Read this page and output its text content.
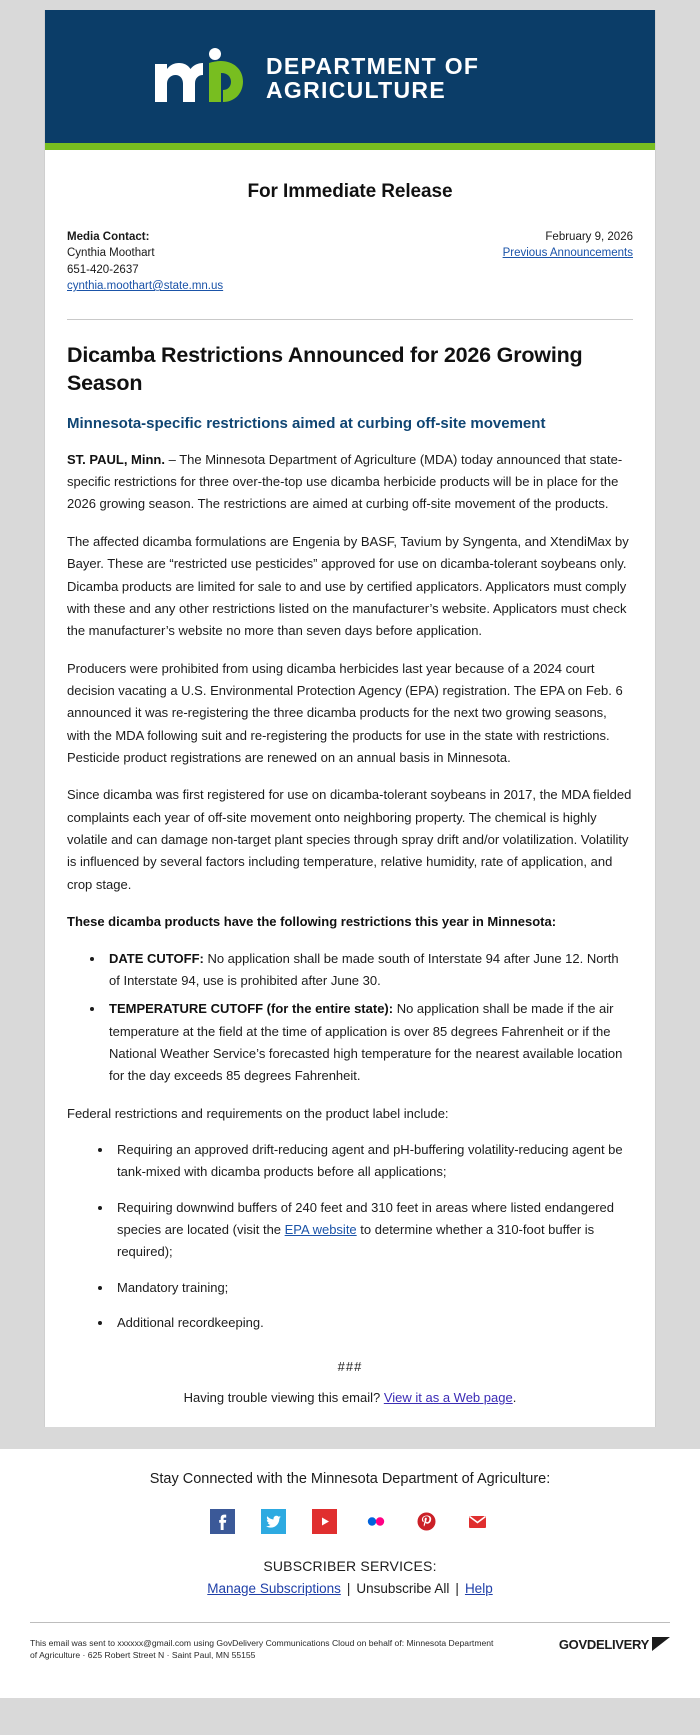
DEPARTMENT OF
AGRICULTURE
For Immediate Release
Media Contact:
Cynthia Moothart
651-420-2637
cynthia.moothart@state.mn.us
February 9, 2026
Previous Announcements
Dicamba Restrictions Announced for 2026 Growing Season
Minnesota-specific restrictions aimed at curbing off-site movement

ST. PAUL, Minn. – The Minnesota Department of Agriculture (MDA) today announced that state-specific restrictions for three over-the-top use dicamba herbicide products will be in place for the 2026 growing season. The restrictions are aimed at curbing off-site movement of the products.

The affected dicamba formulations are Engenia by BASF, Tavium by Syngenta, and XtendiMax by Bayer. These are “restricted use pesticides” approved for use on dicamba-tolerant soybeans only. Dicamba products are limited for sale to and use by certified applicators. Applicators must comply with these and any other restrictions listed on the manufacturer’s website. Applicators must check the manufacturer’s website no more than seven days before application.

Producers were prohibited from using dicamba herbicides last year because of a 2024 court decision vacating a U.S. Environmental Protection Agency (EPA) registration. The EPA on Feb. 6 announced it was re-registering the three dicamba products for the next two growing seasons, with the MDA following suit and re-registering the products for use in the state with restrictions. Pesticide product registrations are renewed on an annual basis in Minnesota.

Since dicamba was first registered for use on dicamba-tolerant soybeans in 2017, the MDA fielded complaints each year of off-site movement onto neighboring property. The chemical is highly volatile and can damage non-target plant species through spray drift and/or volatilization. Volatility is influenced by several factors including temperature, relative humidity, rate of application, and crop stage.

These dicamba products have the following restrictions this year in Minnesota:

• DATE CUTOFF: No application shall be made south of Interstate 94 after June 12. North of Interstate 94, use is prohibited after June 30.
• TEMPERATURE CUTOFF (for the entire state): No application shall be made if the air temperature at the field at the time of application is over 85 degrees Fahrenheit or if the National Weather Service’s forecasted high temperature for the nearest available location for the day exceeds 85 degrees Fahrenheit.

Federal restrictions and requirements on the product label include:

• Requiring an approved drift-reducing agent and pH-buffering volatility-reducing agent be tank-mixed with dicamba products before all applications;
• Requiring downwind buffers of 240 feet and 310 feet in areas where listed endangered species are located (visit the EPA website to determine whether a 310-foot buffer is required);
• Mandatory training;
• Additional recordkeeping.
###
Having trouble viewing this email? View it as a Web page.
Stay Connected with the Minnesota Department of Agriculture:
SUBSCRIBER SERVICES:
Manage Subscriptions | Unsubscribe All | Help
This email was sent to xxxxxx@gmail.com using GovDelivery Communications Cloud on behalf of: Minnesota Department of Agriculture · 625 Robert Street N · Saint Paul, MN 55155
GOVDELIVERY
